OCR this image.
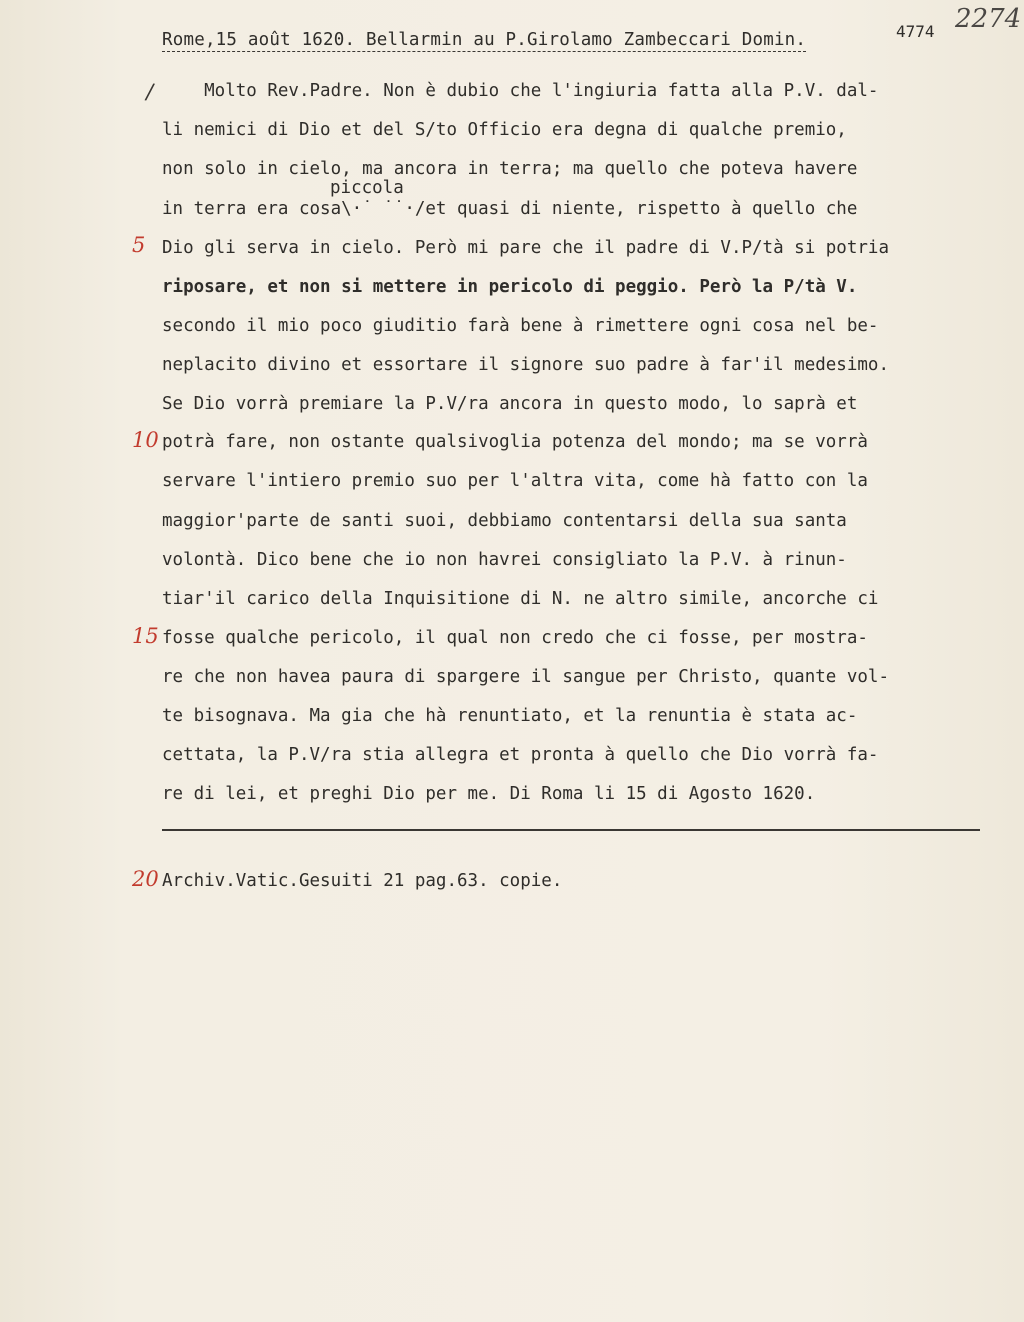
Rome,15 août 1620. Bellarmin au P.Girolamo Zambeccari Domin.	4774 2274
/
piccola
Molto Rev.Padre. Non è dubio che l'ingiuria fatta alla P.V. dal-
li nemici di Dio et del S/to Officio era degna di qualche premio,
non solo in cielo, ma ancora in terra; ma quello che poteva havere
in terra era cosa\·˙ ˙˙·/et quasi di niente, rispetto à quello che
5 Dio gli serva in cielo. Però mi pare che il padre di V.P/tà si potria
riposare, et non si mettere in pericolo di peggio. Però la P/tà V.
secondo il mio poco giuditio farà bene à rimettere ogni cosa nel be-
neplacito divino et essortare il signore suo padre à far'il medesimo.
Se Dio vorrà premiare la P.V/ra ancora in questo modo, lo saprà et
10 potrà fare, non ostante qualsivoglia potenza del mondo; ma se vorrà
servare l'intiero premio suo per l'altra vita, come hà fatto con la
maggior'parte de santi suoi, debbiamo contentarsi della sua santa
volontà. Dico bene che io non havrei consigliato la P.V. à rinun-
tiar'il carico della Inquisitione di N. ne altro simile, ancorche ci
15 fosse qualche pericolo, il qual non credo che ci fosse, per mostra-
re che non havea paura di spargere il sangue per Christo, quante vol-
te bisognava. Ma gia che hà renuntiato, et la renuntia è stata ac-
cettata, la P.V/ra stia allegra et pronta à quello che Dio vorrà fa-
re di lei, et preghi Dio per me. Di Roma li 15 di Agosto 1620.
20 Archiv.Vatic.Gesuiti 21 pag.63. copie.
